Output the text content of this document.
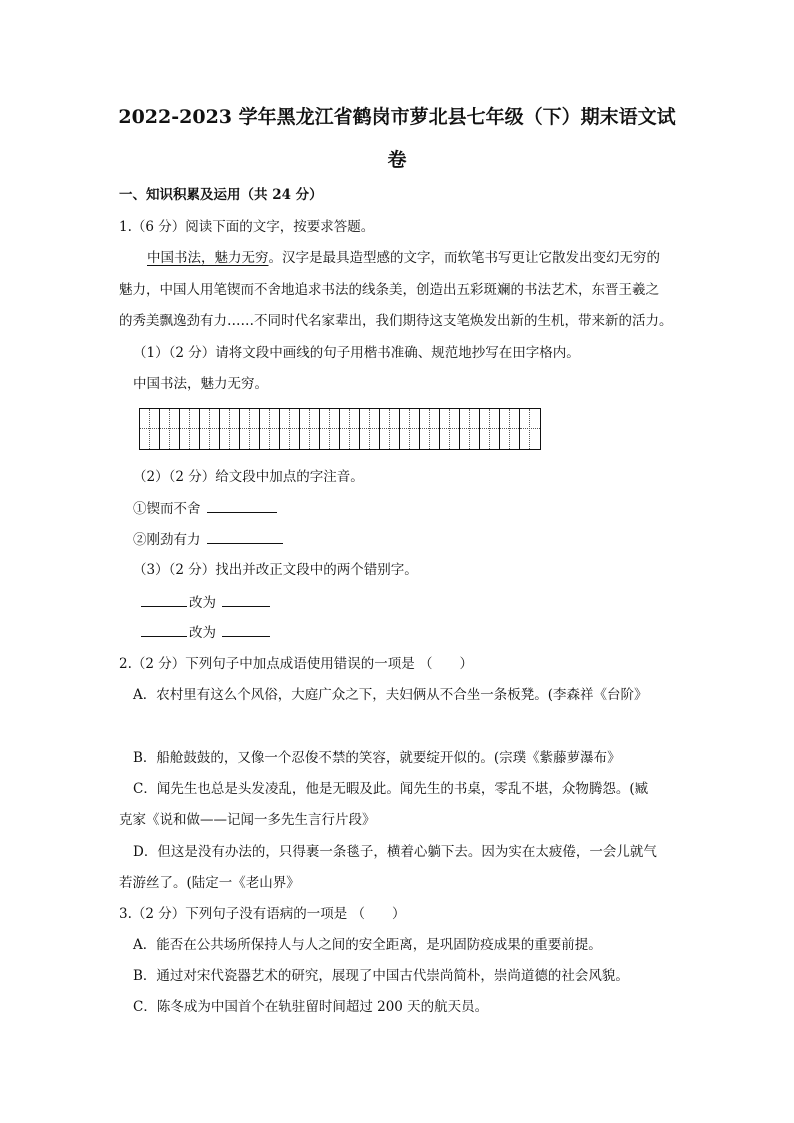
2022-2023 学年黑龙江省鹤岗市萝北县七年级（下）期末语文试
卷
一、知识积累及运用（共 24 分）
1.（6 分）阅读下面的文字，按要求答题。
中国书法，魅力无穷。汉字是最具造型感的文字，而软笔书写更让它散发出变幻无穷的
魅力，中国人用笔锲而不舍地追求书法的线条美，创造出五彩斑斓的书法艺术，东晋王羲之
的秀美飘逸劲有力……不同时代名家辈出，我们期待这支笔焕发出新的生机，带来新的活力。
（1）（2 分）请将文段中画线的句子用楷书准确、规范地抄写在田字格内。
中国书法，魅力无穷。
（2）（2 分）给文段中加点的字注音。
①锲而不舍
②刚劲有力
（3）（2 分）找出并改正文段中的两个错别字。
改为
改为
2.（2 分）下列句子中加点成语使用错误的一项是 （　　）
A．农村里有这么个风俗，大庭广众之下，夫妇俩从不合坐一条板凳。(李森祥《台阶》
B．船舱鼓鼓的，又像一个忍俊不禁的笑容，就要绽开似的。(宗璞《紫藤萝瀑布》
C．闻先生也总是头发凌乱，他是无暇及此。闻先生的书桌，零乱不堪，众物腾怨。(臧
克家《说和做——记闻一多先生言行片段》
D．但这是没有办法的，只得裹一条毯子，横着心躺下去。因为实在太疲倦，一会儿就气
若游丝了。(陆定一《老山界》
3.（2 分）下列句子没有语病的一项是 （　　）
A．能否在公共场所保持人与人之间的安全距离，是巩固防疫成果的重要前提。
B．通过对宋代瓷器艺术的研究，展现了中国古代崇尚简朴，崇尚道德的社会风貌。
C．陈冬成为中国首个在轨驻留时间超过 200 天的航天员。
